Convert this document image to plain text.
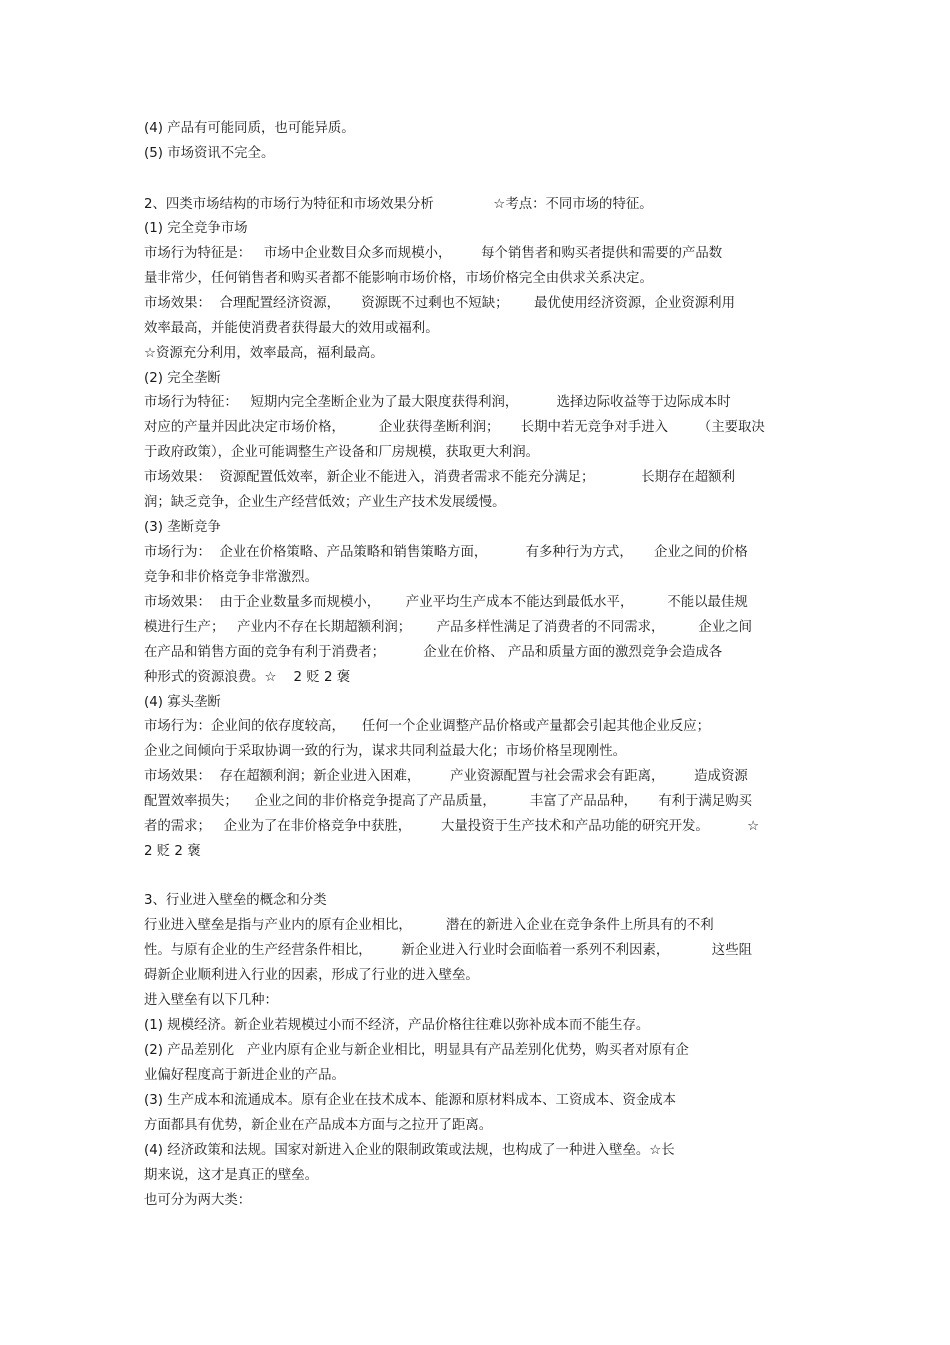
(4) 产品有可能同质，也可能异质。

(5) 市场资讯不完全。

2、四类市场结构的市场行为特征和市场效果分析              ☆考点：不同市场的特征。

(1) 完全竞争市场

市场行为特征是：   市场中企业数目众多而规模小，       每个销售者和购买者提供和需要的产品数

量非常少，任何销售者和购买者都不能影响市场价格，市场价格完全由供求关系决定。

市场效果：  合理配置经济资源，     资源既不过剩也不短缺；      最优使用经济资源，企业资源利用

效率最高，并能使消费者获得最大的效用或福利。

☆资源充分利用，效率最高，福利最高。

(2) 完全垄断

市场行为特征：   短期内完全垄断企业为了最大限度获得利润，         选择边际收益等于边际成本时

对应的产量并因此决定市场价格，        企业获得垄断利润；     长期中若无竞争对手进入       （主要取决

于政府政策），企业可能调整生产设备和厂房规模，获取更大利润。

市场效果：  资源配置低效率，新企业不能进入，消费者需求不能充分满足；           长期存在超额利

润；缺乏竞争，企业生产经营低效；产业生产技术发展缓慢。

(3) 垄断竞争

市场行为：  企业在价格策略、产品策略和销售策略方面，         有多种行为方式，     企业之间的价格

竞争和非价格竞争非常激烈。

市场效果：  由于企业数量多而规模小，      产业平均生产成本不能达到最低水平，        不能以最佳规

模进行生产；   产业内不存在长期超额利润；      产品多样性满足了消费者的不同需求，        企业之间

在产品和销售方面的竞争有利于消费者；         企业在价格、 产品和质量方面的激烈竞争会造成各

种形式的资源浪费。☆    2 贬 2 褒

(4) 寡头垄断

市场行为：企业间的依存度较高，    任何一个企业调整产品价格或产量都会引起其他企业反应；

企业之间倾向于采取协调一致的行为，谋求共同利益最大化；市场价格呈现刚性。

市场效果：  存在超额利润；新企业进入困难，       产业资源配置与社会需求会有距离，       造成资源

配置效率损失；    企业之间的非价格竞争提高了产品质量，        丰富了产品品种，     有利于满足购买

者的需求；   企业为了在非价格竞争中获胜，       大量投资于生产技术和产品功能的研究开发。         ☆

2 贬 2 褒

3、行业进入壁垒的概念和分类

行业进入壁垒是指与产业内的原有企业相比，        潜在的新进入企业在竞争条件上所具有的不利

性。与原有企业的生产经营条件相比，       新企业进入行业时会面临着一系列不利因素，          这些阻

碍新企业顺利进入行业的因素，形成了行业的进入壁垒。

进入壁垒有以下几种：

(1) 规模经济。新企业若规模过小而不经济，产品价格往往难以弥补成本而不能生存。

(2) 产品差别化   产业内原有企业与新企业相比，明显具有产品差别化优势，购买者对原有企

业偏好程度高于新进企业的产品。

(3) 生产成本和流通成本。原有企业在技术成本、能源和原材料成本、工资成本、资金成本

方面都具有优势，新企业在产品成本方面与之拉开了距离。

(4) 经济政策和法规。国家对新进入企业的限制政策或法规，也构成了一种进入壁垒。☆长

期来说，这才是真正的壁垒。

也可分为两大类：
